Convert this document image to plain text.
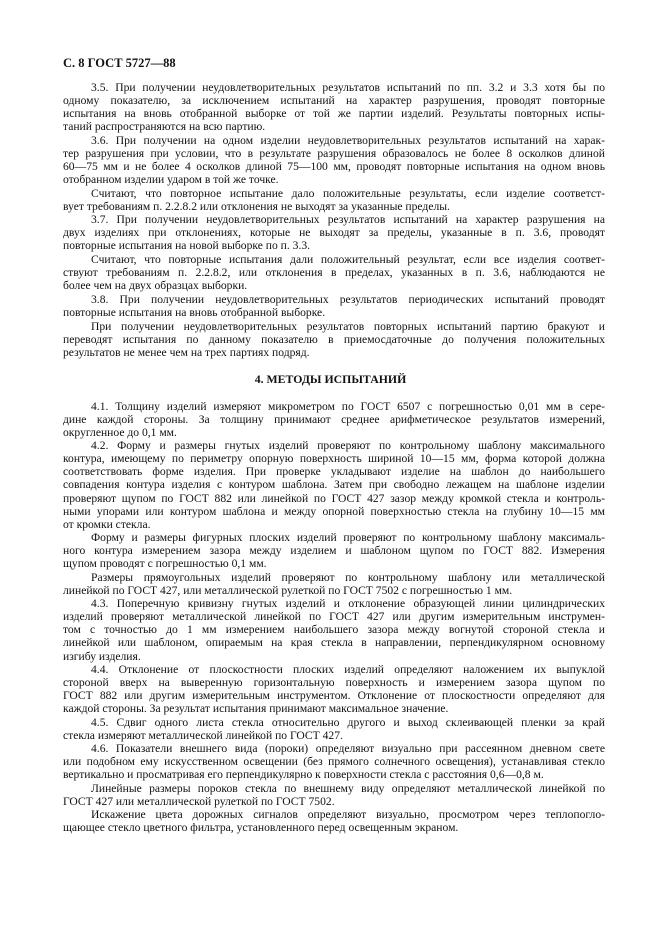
С. 8 ГОСТ 5727—88
3.5. При получении неудовлетворительных результатов испытаний по пп. 3.2 и 3.3 хотя бы по
одному показателю, за исключением испытаний на характер разрушения, проводят повторные
испытания на вновь отобранной выборке от той же партии изделий. Результаты повторных испы-
таний распространяются на всю партию.
3.6. При получении на одном изделии неудовлетворительных результатов испытаний на харак-
тер разрушения при условии, что в результате разрушения образовалось не более 8 осколков длиной
60—75 мм и не более 4 осколков длиной 75—100 мм, проводят повторные испытания на одном вновь
отобранном изделии ударом в той же точке.
Считают, что повторное испытание дало положительные результаты, если изделие соответст-
вует требованиям п. 2.2.8.2 или отклонения не выходят за указанные пределы.
3.7. При получении неудовлетворительных результатов испытаний на характер разрушения на
двух изделиях при отклонениях, которые не выходят за пределы, указанные в п. 3.6, проводят
повторные испытания на новой выборке по п. 3.3.
Считают, что повторные испытания дали положительный результат, если все изделия соответ-
ствуют требованиям п. 2.2.8.2, или отклонения в пределах, указанных в п. 3.6, наблюдаются не
более чем на двух образцах выборки.
3.8. При получении неудовлетворительных результатов периодических испытаний проводят
повторные испытания на вновь отобранной выборке.
При получении неудовлетворительных результатов повторных испытаний партию бракуют и
переводят испытания по данному показателю в приемосдаточные до получения положительных
результатов не менее чем на трех партиях подряд.
4.1. Толщину изделий измеряют микрометром по ГОСТ 6507 с погрешностью 0,01 мм в сере-
дине каждой стороны. За толщину принимают среднее арифметическое результатов измерений,
округленное до 0,1 мм.
4.2. Форму и размеры гнутых изделий проверяют по контрольному шаблону максимального
контура, имеющему по периметру опорную поверхность шириной 10—15 мм, форма которой должна
соответствовать форме изделия. При проверке укладывают изделие на шаблон до наибольшего
совпадения контура изделия с контуром шаблона. Затем при свободно лежащем на шаблоне изделии
проверяют щупом по ГОСТ 882 или линейкой по ГОСТ 427 зазор между кромкой стекла и контроль-
ными упорами или контуром шаблона и между опорной поверхностью стекла на глубину 10—15 мм
от кромки стекла.
Форму и размеры фигурных плоских изделий проверяют по контрольному шаблону максималь-
ного контура измерением зазора между изделием и шаблоном щупом по ГОСТ 882. Измерения
щупом проводят с погрешностью 0,1 мм.
Размеры прямоугольных изделий проверяют по контрольному шаблону или металлической
линейкой по ГОСТ 427, или металлической рулеткой по ГОСТ 7502 с погрешностью 1 мм.
4.3. Поперечную кривизну гнутых изделий и отклонение образующей линии цилиндрических
изделий проверяют металлической линейкой по ГОСТ 427 или другим измерительным инструмен-
том с точностью до 1 мм измерением наибольшего зазора между вогнутой стороной стекла и
линейкой или шаблоном, опираемым на края стекла в направлении, перпендикулярном основному
изгибу изделия.
4.4. Отклонение от плоскостности плоских изделий определяют наложением их выпуклой
стороной вверх на выверенную горизонтальную поверхность и измерением зазора щупом по
ГОСТ 882 или другим измерительным инструментом. Отклонение от плоскостности определяют для
каждой стороны. За результат испытания принимают максимальное значение.
4.5. Сдвиг одного листа стекла относительно другого и выход склеивающей пленки за край
стекла измеряют металлической линейкой по ГОСТ 427.
4.6. Показатели внешнего вида (пороки) определяют визуально при рассеянном дневном свете
или подобном ему искусственном освещении (без прямого солнечного освещения), устанавливая стекло
вертикально и просматривая его перпендикулярно к поверхности стекла с расстояния 0,6—0,8 м.
Линейные размеры пороков стекла по внешнему виду определяют металлической линейкой по
ГОСТ 427 или металлической рулеткой по ГОСТ 7502.
Искажение цвета дорожных сигналов определяют визуально, просмотром через теплопогло-
щающее стекло цветного фильтра, установленного перед освещенным экраном.
4. МЕТОДЫ ИСПЫТАНИЙ
